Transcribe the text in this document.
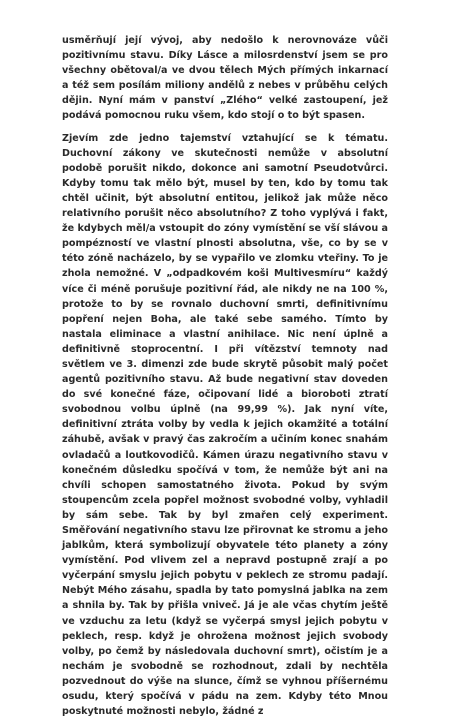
usměrňují její vývoj, aby nedošlo k nerovnováze vůči pozitivnímu stavu. Díky Lásce a milosrdenství jsem se pro všechny obětoval/a ve dvou tělech Mých přímých inkarnací a též sem posílám miliony andělů z nebes v průběhu celých dějin. Nyní mám v panství „Zlého“ velké zastoupení, jež podává pomocnou ruku všem, kdo stojí o to být spasen.

Zjevím zde jedno tajemství vztahující se k tématu. Duchovní zákony ve skutečnosti nemůže v absolutní podobě porušit nikdo, dokonce ani samotní Pseudotvůrci. Kdyby tomu tak mělo být, musel by ten, kdo by tomu tak chtěl učinit, být absolutní entitou, jelikož jak může něco relativního porušit něco absolutního? Z toho vyplývá i fakt, že kdybych měl/a vstoupit do zóny vymístění se vší slávou a pompézností ve vlastní plnosti absolutna, vše, co by se v této zóně nacházelo, by se vypařilo ve zlomku vteřiny. To je zhola nemožné. V „odpadkovém koši Multivesmíru“ každý více či méně porušuje pozitivní řád, ale nikdy ne na 100 %, protože to by se rovnalo duchovní smrti, definitivnímu popření nejen Boha, ale také sebe samého. Tímto by nastala eliminace a vlastní anihilace. Nic není úplně a definitivně stoprocentní. I při vítězství temnoty nad světlem ve 3. dimenzi zde bude skrytě působit malý počet agentů pozitivního stavu. Až bude negativní stav doveden do své konečné fáze, očipovaní lidé a bioroboti ztratí svobodnou volbu úplně (na 99,99 %). Jak nyní víte, definitivní ztráta volby by vedla k jejich okamžité a totální záhubě, avšak v pravý čas zakročím a učiním konec snahám ovladačů a loutkovodičů. Kámen úrazu negativního stavu v konečném důsledku spočívá v tom, že nemůže být ani na chvíli schopen samostatného života. Pokud by svým stoupencům zcela popřel možnost svobodné volby, vyhladil by sám sebe. Tak by byl zmařen celý experiment. Směřování negativního stavu lze přirovnat ke stromu a jeho jablkům, která symbolizují obyvatele této planety a zóny vymístění. Pod vlivem zel a nepravd postupně zrají a po vyčerpání smyslu jejich pobytu v peklech ze stromu padají. Nebýt Mého zásahu, spadla by tato pomyslná jablka na zem a shnila by. Tak by přišla vniveč. Já je ale včas chytím ještě ve vzduchu za letu (když se vyčerpá smysl jejich pobytu v peklech, resp. když je ohrožena možnost jejich svobody volby, po čemž by následovala duchovní smrt), očistím je a nechám je svobodně se rozhodnout, zdali by nechtěla pozvednout do výše na slunce, čímž se vyhnou příšernému osudu, který spočívá v pádu na zem. Kdyby této Mnou poskytnuté možnosti nebylo, žádné z
